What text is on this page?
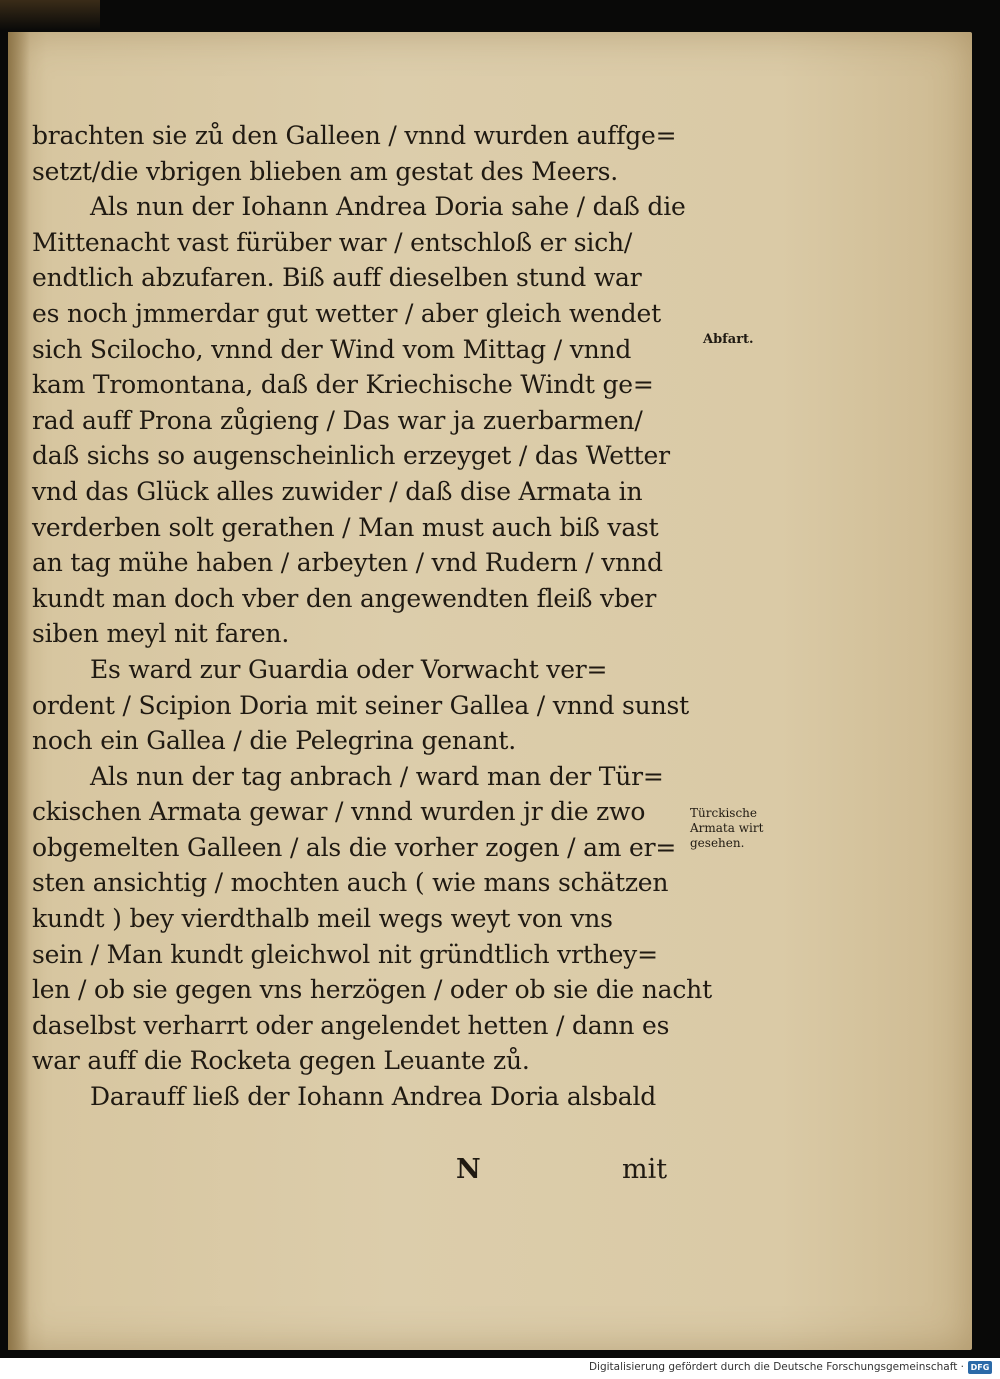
brachten sie zů den Galleen / vnnd wurden auffge=
setzt/die vbrigen blieben am gestat des Meers.
Als nun der Iohann Andrea Doria sahe / daß die
Mittenacht vast fürüber war / entschloß er sich/
endtlich abzufaren. Biß auff dieselben stund war
es noch jmmerdar gut wetter / aber gleich wendet
sich Scilocho, vnnd der Wind vom Mittag / vnnd
kam Tromontana, daß der Kriechische Windt ge=
rad auff Prona zůgieng / Das war ja zuerbarmen/
daß sichs so augenscheinlich erzeyget / das Wetter
vnd das Glück alles zuwider / daß dise Armata in
verderben solt gerathen / Man must auch biß vast
an tag mühe haben / arbeyten / vnd Rudern / vnnd
kundt man doch vber den angewendten fleiß vber
siben meyl nit faren.
Es ward zur Guardia oder Vorwacht ver=
ordent / Scipion Doria mit seiner Gallea / vnnd sunst
noch ein Gallea / die Pelegrina genant.
Als nun der tag anbrach / ward man der Tür=
ckischen Armata gewar / vnnd wurden jr die zwo
obgemelten Galleen / als die vorher zogen / am er=
sten ansichtig / mochten auch ( wie mans schätzen
kundt ) bey vierdthalb meil wegs weyt von vns
sein / Man kundt gleichwol nit gründtlich vrthey=
len / ob sie gegen vns herzögen / oder ob sie die nacht
daselbst verharrt oder angelendet hetten / dann es
war auff die Rocketa gegen Leuante zů.
Darauff ließ der Iohann Andrea Doria alsbald
N	mit
Abfart.
Türckische
Armata wirt
gesehen.
Digitalisierung gefördert durch die Deutsche Forschungsgemeinschaft · DFG
